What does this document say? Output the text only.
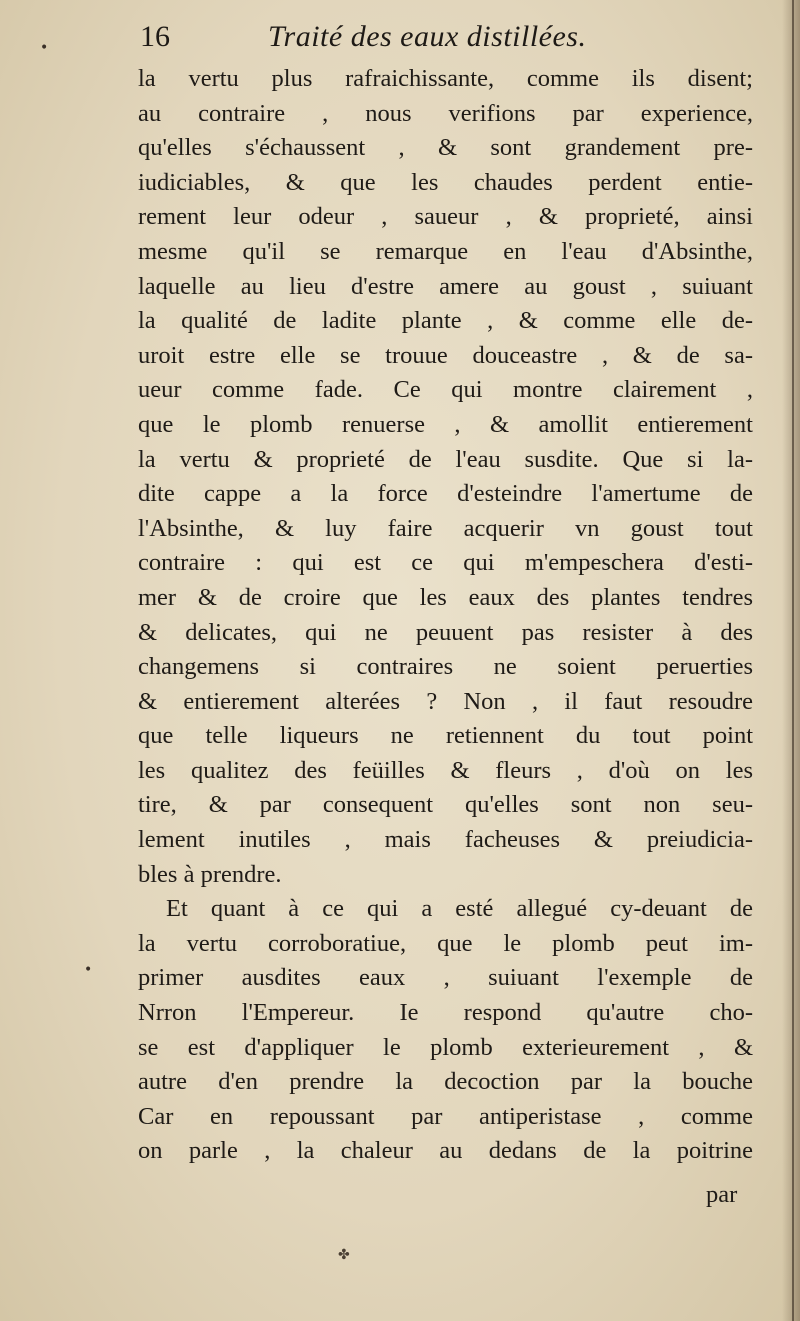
16	Traité des eaux distillées.
la vertu plus rafraichissante, comme ils disent;
au contraire , nous verifions par experience,
qu'elles s'échaussent , & sont grandement pre-
iudiciables, & que les chaudes perdent entie-
rement leur odeur , saueur , & proprieté, ainsi
mesme qu'il se remarque en l'eau d'Absinthe,
laquelle au lieu d'estre amere au goust , suiuant
la qualité de ladite plante , & comme elle de-
uroit estre elle se trouue douceastre , & de sa-
ueur comme fade. Ce qui montre clairement ,
que le plomb renuerse , & amollit entierement
la vertu & proprieté de l'eau susdite. Que si la-
dite cappe a la force d'esteindre l'amertume de
l'Absinthe, & luy faire acquerir vn goust tout
contraire : qui est ce qui m'empeschera d'esti-
mer & de croire que les eaux des plantes tendres
& delicates, qui ne peuuent pas resister à des
changemens si contraires ne soient peruerties
& entierement alterées ? Non , il faut resoudre
que telle liqueurs ne retiennent du tout point
les qualitez des feüilles & fleurs , d'où on les
tire, & par consequent qu'elles sont non seu-
lement inutiles , mais facheuses & preiudicia-
bles à prendre.
Et quant à ce qui a esté allegué cy-deuant de
la vertu corroboratiue, que le plomb peut im-
primer ausdites eaux , suiuant l'exemple de
Nrron l'Empereur. Ie respond qu'autre cho-
se est d'appliquer le plomb exterieurement , &
autre d'en prendre la decoction par la bouche
Car en repoussant par antiperistase , comme
on parle , la chaleur au dedans de la poitrine
par
✤
•
•
